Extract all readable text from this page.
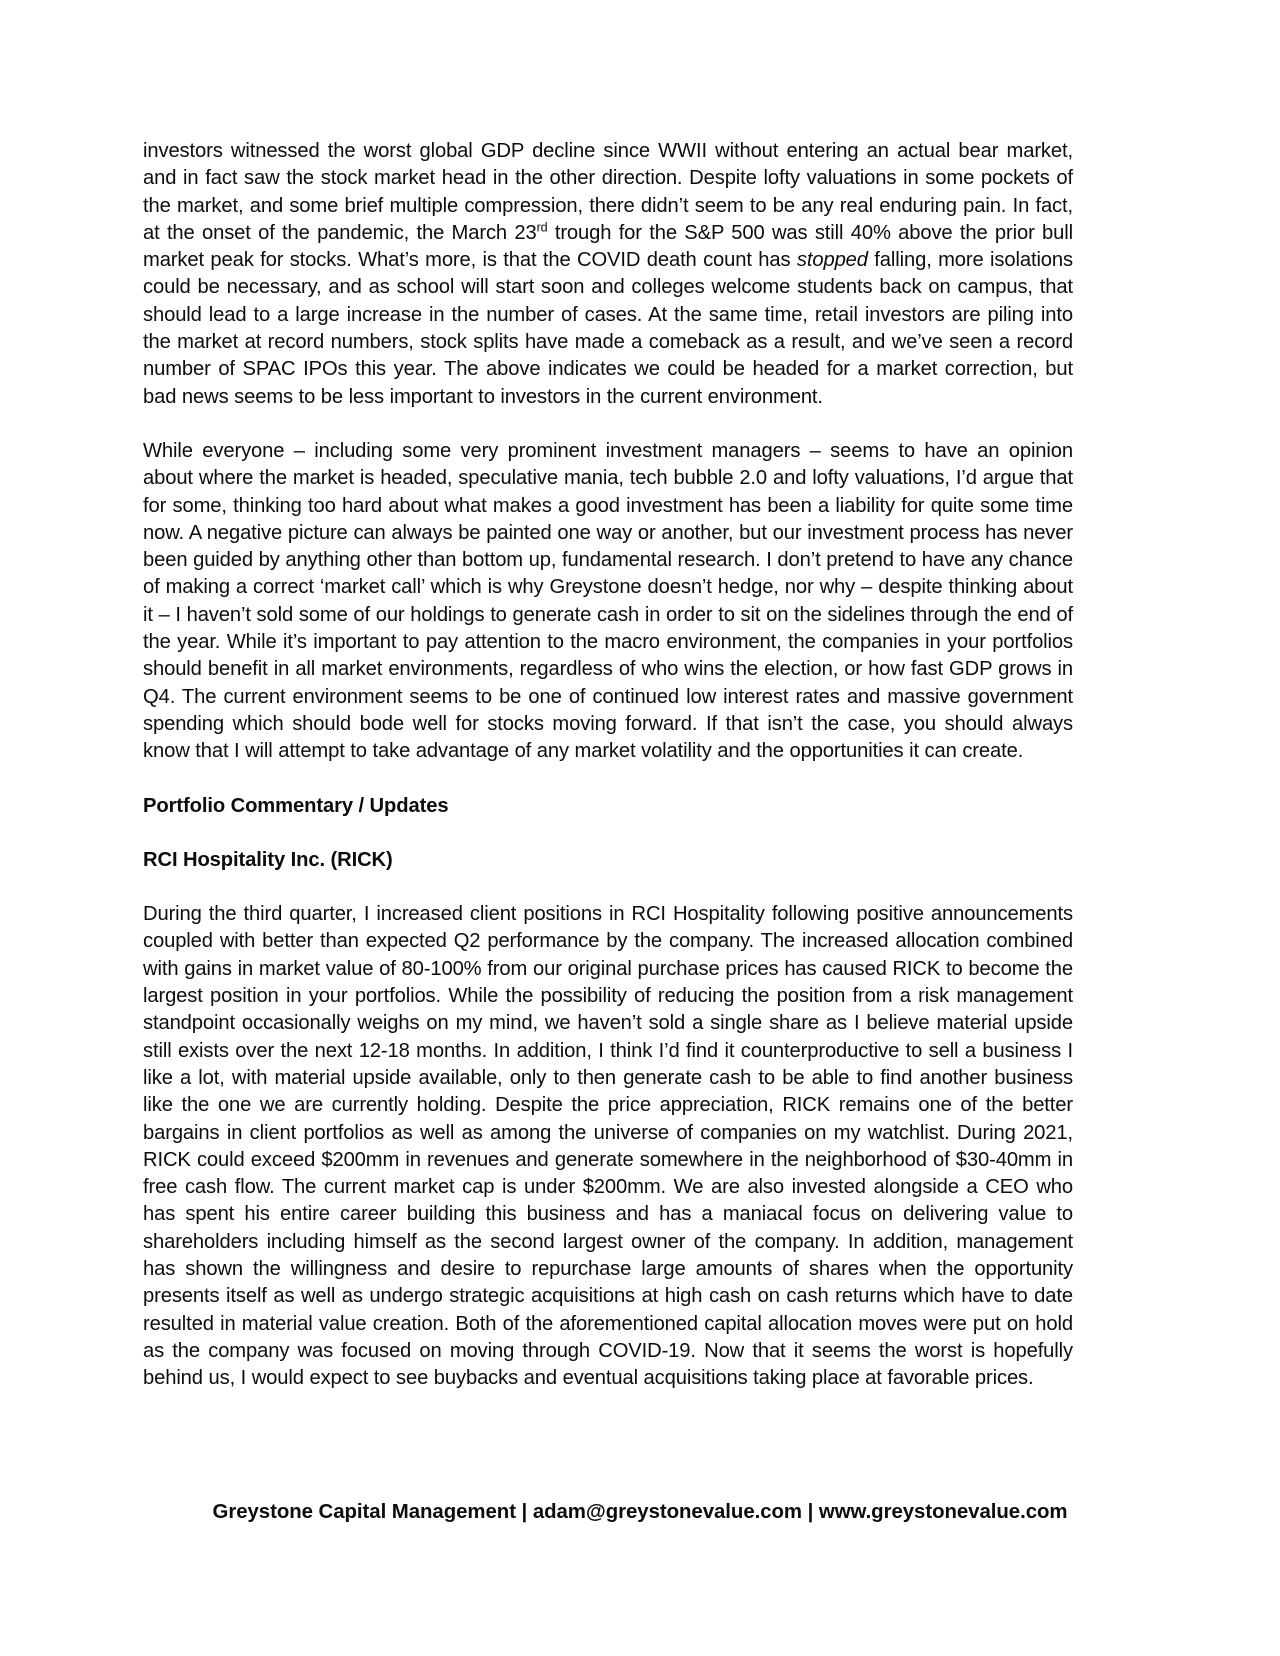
investors witnessed the worst global GDP decline since WWII without entering an actual bear market, and in fact saw the stock market head in the other direction. Despite lofty valuations in some pockets of the market, and some brief multiple compression, there didn’t seem to be any real enduring pain. In fact, at the onset of the pandemic, the March 23rd trough for the S&P 500 was still 40% above the prior bull market peak for stocks. What’s more, is that the COVID death count has stopped falling, more isolations could be necessary, and as school will start soon and colleges welcome students back on campus, that should lead to a large increase in the number of cases. At the same time, retail investors are piling into the market at record numbers, stock splits have made a comeback as a result, and we’ve seen a record number of SPAC IPOs this year. The above indicates we could be headed for a market correction, but bad news seems to be less important to investors in the current environment.

While everyone – including some very prominent investment managers – seems to have an opinion about where the market is headed, speculative mania, tech bubble 2.0 and lofty valuations, I’d argue that for some, thinking too hard about what makes a good investment has been a liability for quite some time now. A negative picture can always be painted one way or another, but our investment process has never been guided by anything other than bottom up, fundamental research. I don’t pretend to have any chance of making a correct ‘market call’ which is why Greystone doesn’t hedge, nor why – despite thinking about it – I haven’t sold some of our holdings to generate cash in order to sit on the sidelines through the end of the year. While it’s important to pay attention to the macro environment, the companies in your portfolios should benefit in all market environments, regardless of who wins the election, or how fast GDP grows in Q4. The current environment seems to be one of continued low interest rates and massive government spending which should bode well for stocks moving forward. If that isn’t the case, you should always know that I will attempt to take advantage of any market volatility and the opportunities it can create.

Portfolio Commentary / Updates
RCI Hospitality Inc. (RICK)

During the third quarter, I increased client positions in RCI Hospitality following positive announcements coupled with better than expected Q2 performance by the company. The increased allocation combined with gains in market value of 80-100% from our original purchase prices has caused RICK to become the largest position in your portfolios. While the possibility of reducing the position from a risk management standpoint occasionally weighs on my mind, we haven’t sold a single share as I believe material upside still exists over the next 12-18 months. In addition, I think I’d find it counterproductive to sell a business I like a lot, with material upside available, only to then generate cash to be able to find another business like the one we are currently holding. Despite the price appreciation, RICK remains one of the better bargains in client portfolios as well as among the universe of companies on my watchlist. During 2021, RICK could exceed $200mm in revenues and generate somewhere in the neighborhood of $30-40mm in free cash flow. The current market cap is under $200mm. We are also invested alongside a CEO who has spent his entire career building this business and has a maniacal focus on delivering value to shareholders including himself as the second largest owner of the company. In addition, management has shown the willingness and desire to repurchase large amounts of shares when the opportunity presents itself as well as undergo strategic acquisitions at high cash on cash returns which have to date resulted in material value creation. Both of the aforementioned capital allocation moves were put on hold as the company was focused on moving through COVID-19. Now that it seems the worst is hopefully behind us, I would expect to see buybacks and eventual acquisitions taking place at favorable prices.

Greystone Capital Management | adam@greystonevalue.com | www.greystonevalue.com
